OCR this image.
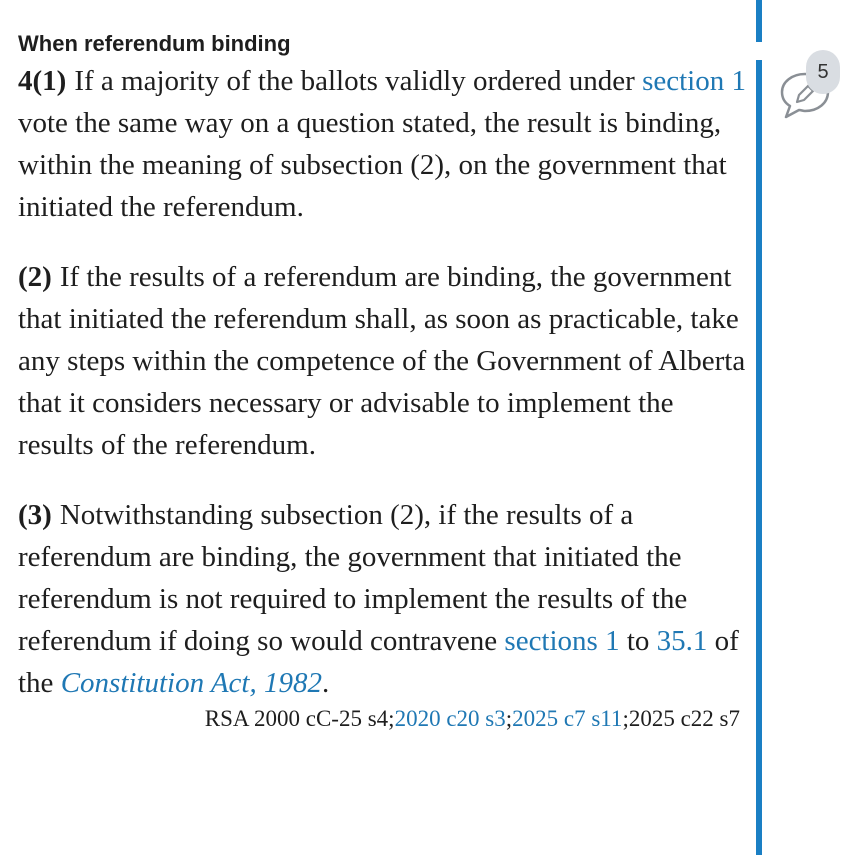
When referendum binding

4(1) If a majority of the ballots validly ordered under section 1 vote the same way on a question stated, the result is binding, within the meaning of subsection (2), on the government that initiated the referendum.

(2) If the results of a referendum are binding, the government that initiated the referendum shall, as soon as practicable, take any steps within the competence of the Government of Alberta that it considers necessary or advisable to implement the results of the referendum.

(3) Notwithstanding subsection (2), if the results of a referendum are binding, the government that initiated the referendum is not required to implement the results of the referendum if doing so would contravene sections 1 to 35.1 of the Constitution Act, 1982.

RSA 2000 cC-25 s4;2020 c20 s3;2025 c7 s11;2025 c22 s7
5
